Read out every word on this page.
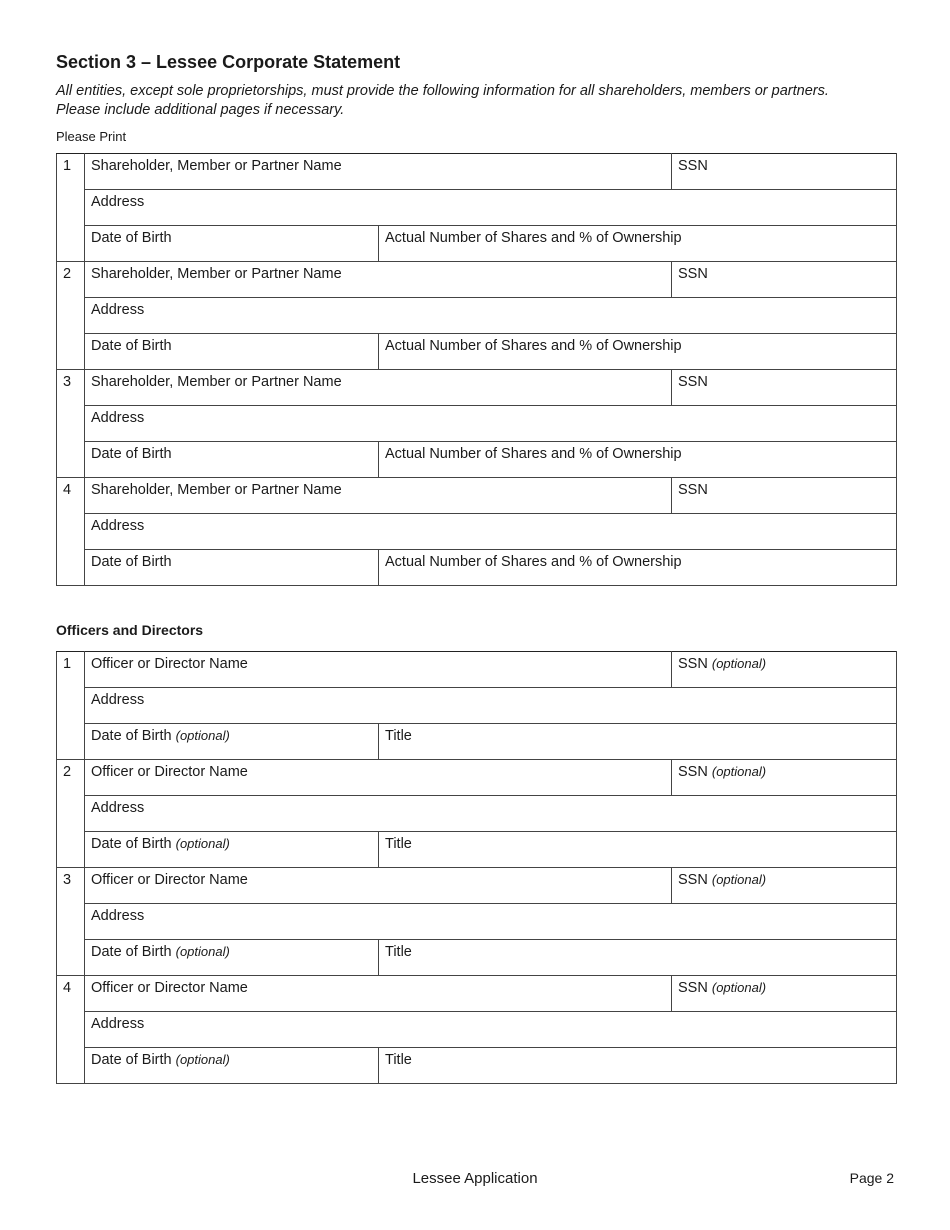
Section 3 – Lessee Corporate Statement
All entities, except sole proprietorships, must provide the following information for all shareholders, members or partners.
Please include additional pages if necessary.
Please Print
1	Shareholder, Member or Partner Name		SSN
	Address		
	Date of Birth	Actual Number of Shares and % of Ownership	
2	Shareholder, Member or Partner Name		SSN
	Address		
	Date of Birth	Actual Number of Shares and % of Ownership	
3	Shareholder, Member or Partner Name		SSN
	Address		
	Date of Birth	Actual Number of Shares and % of Ownership	
4	Shareholder, Member or Partner Name		SSN
	Address		
	Date of Birth	Actual Number of Shares and % of Ownership	
Officers and Directors
1	Officer or Director Name		SSN (optional)
	Address		
	Date of Birth (optional)	Title	
2	Officer or Director Name		SSN (optional)
	Address		
	Date of Birth (optional)	Title	
3	Officer or Director Name		SSN (optional)
	Address		
	Date of Birth (optional)	Title	
4	Officer or Director Name		SSN (optional)
	Address		
	Date of Birth (optional)	Title	
Lessee Application	Page 2
